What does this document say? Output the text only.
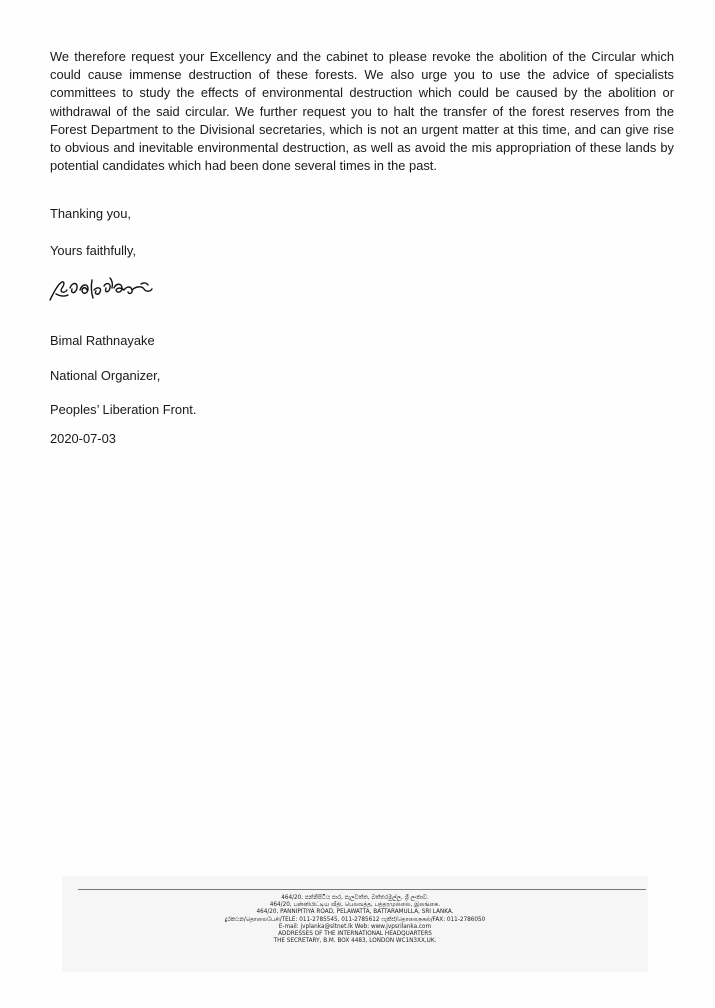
We therefore request your Excellency and the cabinet to please revoke the abolition of the Circular which could cause immense destruction of these forests. We also urge you to use the advice of specialists committees to study the effects of environmental destruction which could be caused by the abolition or withdrawal of the said circular. We further request you to halt the transfer of the forest reserves from the Forest Department to the Divisional secretaries, which is not an urgent matter at this time, and can give rise to obvious and inevitable environmental destruction, as well as avoid the mis appropriation of these lands by potential candidates which had been done several times in the past.

Thanking you,

Yours faithfully,

Bimal Rathnayake

National Organizer,

Peoples’ Liberation Front.

2020-07-03

464/20, පන්නිපිටිය පාර, පැලවත්ත, බත්තරමුල්ල, ශ්‍රී ලංකාව.
464/20, பன்னிபிட்டிய வீதி, பெலவத்த, பத்தரமுல்லை, இலங்கை.
464/20, PANNIPITIYA ROAD, PELAWATTA, BATTARAMULLA, SRI LANKA.
දුරකථන/தொலைபேசி/TELE: 011-2785545, 011-2785612 ෆැක්ස්/தொலைநகல்/FAX: 011-2786050
E-mail: jvplanka@sltnet.lk Web: www.jvpsrilanka.com
ADDRESSES OF THE INTERNATIONAL HEADQUARTERS
THE SECRETARY, B.M. BOX 4483, LONDON WC1N3XX,UK.
